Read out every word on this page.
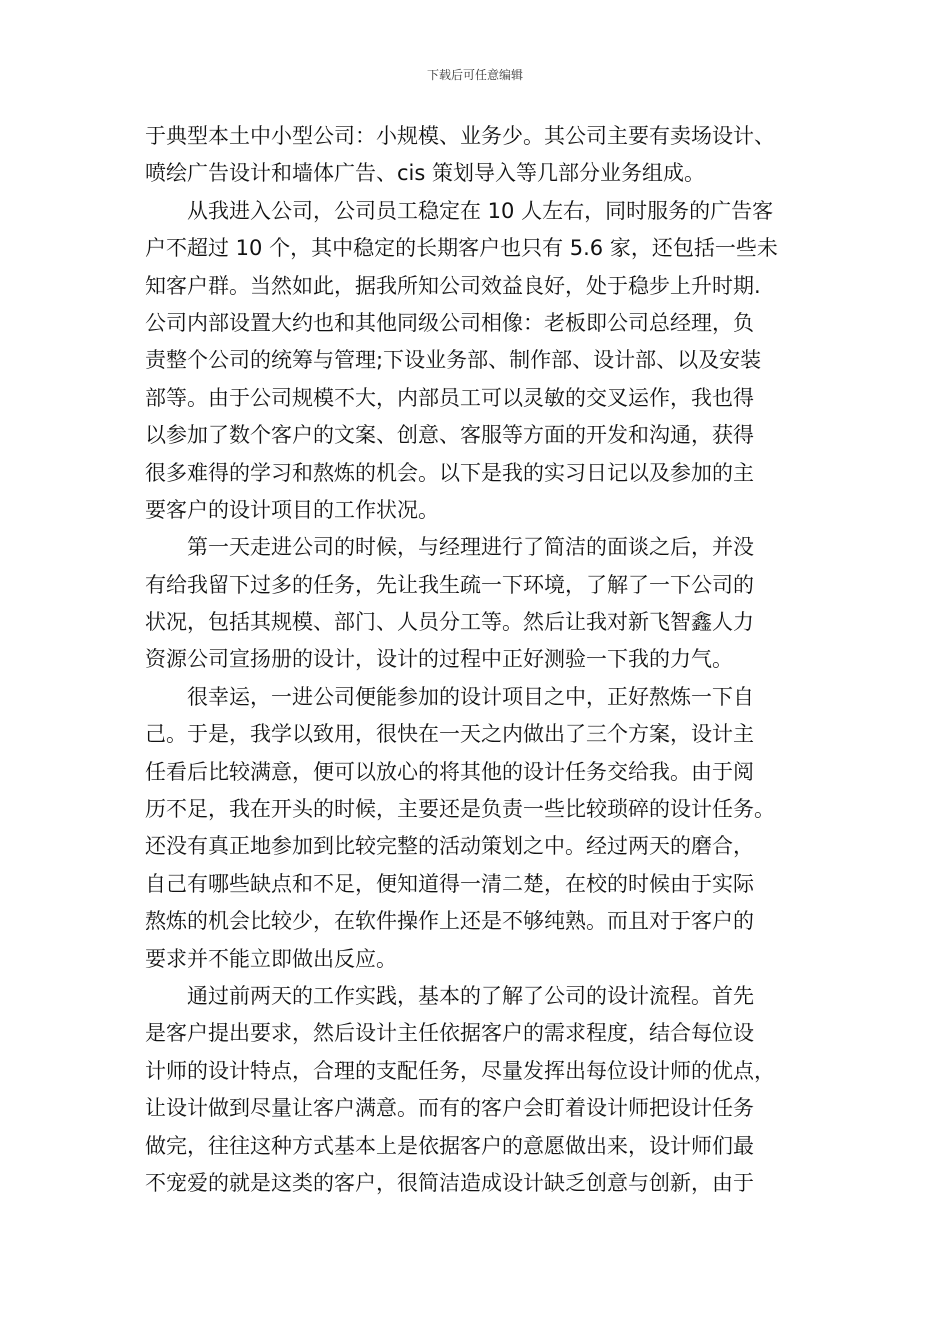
下载后可任意编辑
于典型本土中小型公司：小规模、业务少。其公司主要有卖场设计、
喷绘广告设计和墙体广告、cis 策划导入等几部分业务组成。
从我进入公司，公司员工稳定在 10 人左右，同时服务的广告客
户不超过 10 个，其中稳定的长期客户也只有 5.6 家，还包括一些未
知客户群。当然如此，据我所知公司效益良好，处于稳步上升时期.
公司内部设置大约也和其他同级公司相像：老板即公司总经理，负
责整个公司的统筹与管理;下设业务部、制作部、设计部、以及安装
部等。由于公司规模不大，内部员工可以灵敏的交叉运作，我也得
以参加了数个客户的文案、创意、客服等方面的开发和沟通，获得
很多难得的学习和熬炼的机会。以下是我的实习日记以及参加的主
要客户的设计项目的工作状况。
第一天走进公司的时候，与经理进行了简洁的面谈之后，并没
有给我留下过多的任务，先让我生疏一下环境，了解了一下公司的
状况，包括其规模、部门、人员分工等。然后让我对新飞智鑫人力
资源公司宣扬册的设计，设计的过程中正好测验一下我的力气。
很幸运，一进公司便能参加的设计项目之中，正好熬炼一下自
己。于是，我学以致用，很快在一天之内做出了三个方案，设计主
任看后比较满意，便可以放心的将其他的设计任务交给我。由于阅
历不足，我在开头的时候，主要还是负责一些比较琐碎的设计任务。
还没有真正地参加到比较完整的活动策划之中。经过两天的磨合，
自己有哪些缺点和不足，便知道得一清二楚，在校的时候由于实际
熬炼的机会比较少，在软件操作上还是不够纯熟。而且对于客户的
要求并不能立即做出反应。
通过前两天的工作实践，基本的了解了公司的设计流程。首先
是客户提出要求，然后设计主任依据客户的需求程度，结合每位设
计师的设计特点，合理的支配任务，尽量发挥出每位设计师的优点，
让设计做到尽量让客户满意。而有的客户会盯着设计师把设计任务
做完，往往这种方式基本上是依据客户的意愿做出来，设计师们最
不宠爱的就是这类的客户，很简洁造成设计缺乏创意与创新，由于
